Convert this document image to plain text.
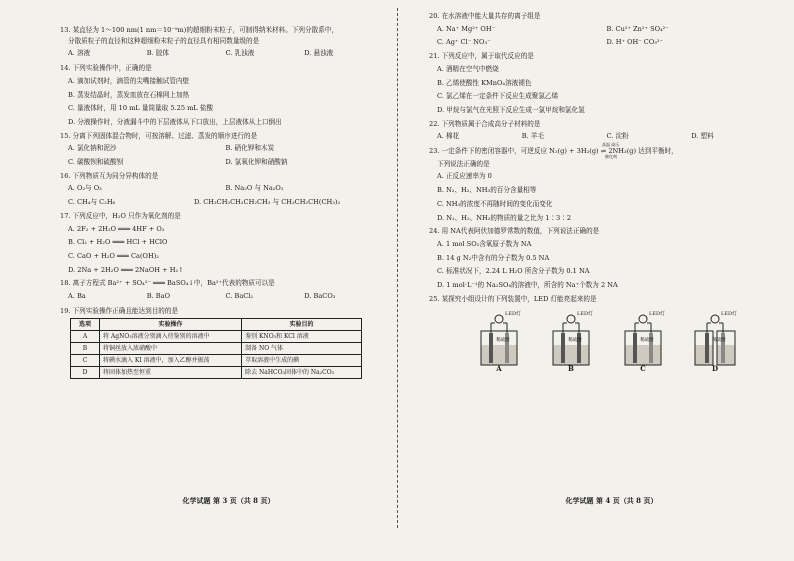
13. 某直径为 1～100 nm(1 nm＝10⁻⁹m)的超细粉末粒子，可制得纳米材料。下列分散系中，
分散质粒子的直径和这种超细粉末粒子的直径具有相同数量级的是
A. 溶液	B. 胶体	C. 乳浊液	D. 悬浊液
14. 下列实验操作中，正确的是
A. 滴加试剂时，滴管的尖嘴接触试管内壁
B. 蒸发结晶时，蒸发皿放在石棉网上加热
C. 量液体时，用 10 mL 量筒量取 5.25 mL 盐酸
D. 分液操作时，分液漏斗中的下层液体从下口放出，上层液体从上口倒出
15. 分离下列固体混合物时，可按溶解、过滤、蒸发的顺序进行的是
A. 氯化钠和泥沙	B. 硝化钾和木炭
C. 碳酸钡和硫酸钡	D. 氯氧化钾和硝酸钠
16. 下列物质互为同分异构体的是
A. O₂与 O₃	B. Na₂O 与 Na₂O₂
C. CH₄与 C₂H₆	D. CH₃CH₂CH₂CH₂CH₃ 与 CH₃CH₂CH(CH₃)₂
17. 下列反应中，H₂O 只作为氧化剂的是
A. 2F₂ + 2H₂O ═══ 4HF + O₂
B. Cl₂ + H₂O ═══ HCl + HClO
C. CaO + H₂O ═══ Ca(OH)₂
D. 2Na + 2H₂O ═══ 2NaOH + H₂↑
18. 离子方程式 Ba²⁺ + SO₄²⁻ ═══ BaSO₄↓中，Ba²⁺代表的物质可以是
A. Ba	B. BaO	C. BaCl₂	D. BaCO₃
19. 下列实验操作正确且能达到目的的是
选项	实验操作	实验目的
A	将 AgNO₃溶液分别滴入待鉴别的溶液中	鉴别 KNO₃和 KCl 溶液
B	将铜丝放入浓硝酸中	制备 NO 气体
C	将碘水滴入 KI 溶液中，加入乙醇并振荡	萃取溶液中生成的碘
D	将固体加热至恒重	除去 NaHCO₃固体中的 Na₂CO₃
化学试题 第 3 页（共 8 页）
20. 在水溶液中能大量共存的离子组是
A. Na⁺ Mg²⁺ OH⁻	B. Cu²⁺ Zn²⁺ SO₄²⁻
C. Ag⁺ Cl⁻ NO₃⁻	D. H⁺ OH⁻ CO₃²⁻
21. 下列反应中，属于取代反应的是
A. 酒精在空气中燃烧
B. 乙烯使酸性 KMnO₄溶液褪色
C. 氯乙烯在一定条件下反应生成聚氯乙烯
D. 甲烷与氯气在光照下反应生成一氯甲烷和氯化氢
22. 下列物质属于合成高分子材料的是
A. 棉花	B. 羊毛	C. 淀粉	D. 塑料
23. 一定条件下的密闭容器中，可逆反应 N₂(g) + 3H₂(g) ⇌ 2NH₃(g) 达到平衡时，
高温 高压
催化剂
下列说法正确的是
A. 正反应速率为 0
B. N₂、H₂、NH₃的百分含量相等
C. NH₃的浓度不再随时间的变化而变化
D. N₂、H₂、NH₃的物质的量之比为 1∶3∶2
24. 用 NA代表阿伏加德罗常数的数值，下列说法正确的是
A. 1 mol SO₂含氧原子数为 NA
B. 14 g N₂中含有的分子数为 0.5 NA
C. 标准状况下，2.24 L H₂O 所含分子数为 0.1 NA
D. 1 mol·L⁻¹的 Na₂SO₄的溶液中，所含的 Na⁺个数为 2 NA
25. 某探究小组设计的下列装置中，LED 灯能亮起来的是
LED灯
稀硫酸
A
LED灯
稀硫酸
B
LED灯
稀硫酸
C
LED灯
稀硫酸
D
化学试题 第 4 页（共 8 页）
